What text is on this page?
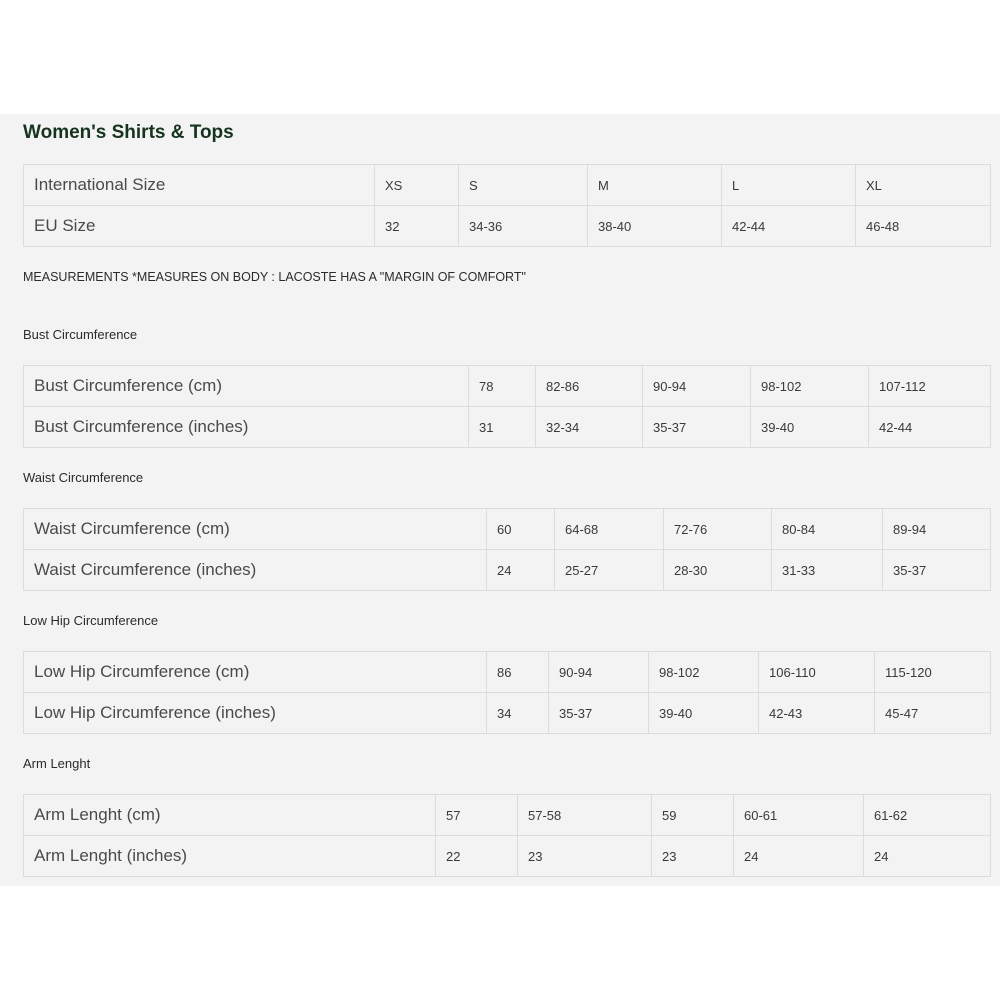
Women's Shirts & Tops
International Size	XS	S	M	L	XL
EU Size	32	34-36	38-40	42-44	46-48

MEASUREMENTS *MEASURES ON BODY : LACOSTE HAS A "MARGIN OF COMFORT"

Bust Circumference

Bust Circumference (cm)	78	82-86	90-94	98-102	107-112
Bust Circumference (inches)	31	32-34	35-37	39-40	42-44

Waist Circumference

Waist Circumference (cm)	60	64-68	72-76	80-84	89-94
Waist Circumference (inches)	24	25-27	28-30	31-33	35-37

Low Hip Circumference

Low Hip Circumference (cm)	86	90-94	98-102	106-110	115-120
Low Hip Circumference (inches)	34	35-37	39-40	42-43	45-47

Arm Lenght

Arm Lenght (cm)	57	57-58	59	60-61	61-62
Arm Lenght (inches)	22	23	23	24	24
